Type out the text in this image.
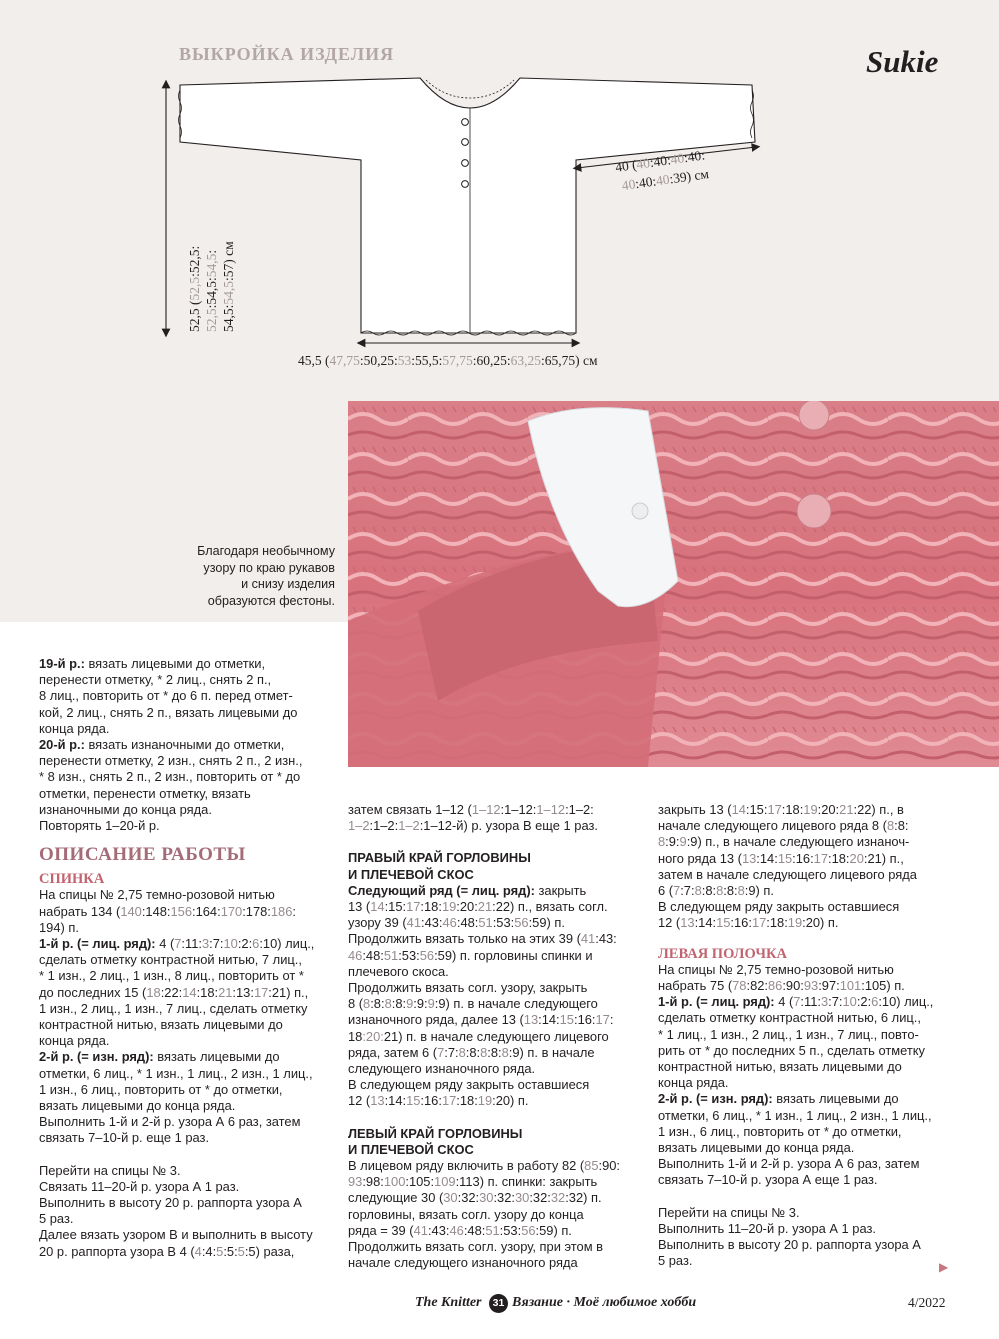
ВЫКРОЙКА ИЗДЕЛИЯ	Sukie
52,5 (52,5:52,5:
52,5:54,5:54,5:
54,5:54,5:57) см
40 (40:40:40:40:
40:40:40:39) см
45,5 (47,75:50,25:53:55,5:57,75:60,25:63,25:65,75) см
Благодаря необычному
узору по краю рукавов
и снизу изделия
образуются фестоны.

19-й р.: вязать лицевыми до отметки,

перенести отметку, * 2 лиц., снять 2 п.,

8 лиц., повторить от * до 6 п. перед отмет-

кой, 2 лиц., снять 2 п., вязать лицевыми до

конца ряда.

20-й р.: вязать изнаночными до отметки,

перенести отметку, 2 изн., снять 2 п., 2 изн.,

* 8 изн., снять 2 п., 2 изн., повторить от * до

отметки, перенести отметку, вязать

изнаночными до конца ряда.

Повторять 1–20-й р.

ОПИСАНИЕ РАБОТЫ

СПИНКА

На спицы № 2,75 темно-розовой нитью

набрать 134 (140:148:156:164:170:178:186:

194) п.

1-й р. (= лиц. ряд): 4 (7:11:3:7:10:2:6:10) лиц.,

сделать отметку контрастной нитью, 7 лиц.,

* 1 изн., 2 лиц., 1 изн., 8 лиц., повторить от *

до последних 15 (18:22:14:18:21:13:17:21) п.,

1 изн., 2 лиц., 1 изн., 7 лиц., сделать отметку

контрастной нитью, вязать лицевыми до

конца ряда.

2-й р. (= изн. ряд): вязать лицевыми до

отметки, 6 лиц., * 1 изн., 1 лиц., 2 изн., 1 лиц.,

1 изн., 6 лиц., повторить от * до отметки,

вязать лицевыми до конца ряда.

Выполнить 1-й и 2-й р. узора А 6 раз, затем

связать 7–10-й р. еще 1 раз.

Перейти на спицы № 3.

Связать 11–20-й р. узора А 1 раз.

Выполнить в высоту 20 р. раппорта узора А

5 раз.

Далее вязать узором В и выполнить в высоту

20 р. раппорта узора В 4 (4:4:5:5:5:5) раза,

затем связать 1–12 (1–12:1–12:1–12:1–2:

1–2:1–2:1–2:1–12-й) р. узора В еще 1 раз.

ПРАВЫЙ КРАЙ ГОРЛОВИНЫ

И ПЛЕЧЕВОЙ СКОС

Следующий ряд (= лиц. ряд): закрыть

13 (14:15:17:18:19:20:21:22) п., вязать согл.

узору 39 (41:43:46:48:51:53:56:59) п.

Продолжить вязать только на этих 39 (41:43:

46:48:51:53:56:59) п. горловины спинки и

плечевого скоса.

Продолжить вязать согл. узору, закрыть

8 (8:8:8:8:9:9:9:9) п. в начале следующего

изнаночного ряда, далее 13 (13:14:15:16:17:

18:20:21) п. в начале следующего лицевого

ряда, затем 6 (7:7:8:8:8:8:8:9) п. в начале

следующего изнаночного ряда.

В следующем ряду закрыть оставшиеся

12 (13:14:15:16:17:18:19:20) п.

ЛЕВЫЙ КРАЙ ГОРЛОВИНЫ

И ПЛЕЧЕВОЙ СКОС

В лицевом ряду включить в работу 82 (85:90:

93:98:100:105:109:113) п. спинки: закрыть

следующие 30 (30:32:30:32:30:32:32:32) п.

горловины, вязать согл. узору до конца

ряда = 39 (41:43:46:48:51:53:56:59) п.

Продолжить вязать согл. узору, при этом в

начале следующего изнаночного ряда

закрыть 13 (14:15:17:18:19:20:21:22) п., в

начале следующего лицевого ряда 8 (8:8:

8:9:9:9) п., в начале следующего изнаноч-

ного ряда 13 (13:14:15:16:17:18:20:21) п.,

затем в начале следующего лицевого ряда

6 (7:7:8:8:8:8:8:9) п.

В следующем ряду закрыть оставшиеся

12 (13:14:15:16:17:18:19:20) п.

ЛЕВАЯ ПОЛОЧКА

На спицы № 2,75 темно-розовой нитью

набрать 75 (78:82:86:90:93:97:101:105) п.

1-й р. (= лиц. ряд): 4 (7:11:3:7:10:2:6:10) лиц.,

сделать отметку контрастной нитью, 6 лиц.,

* 1 лиц., 1 изн., 2 лиц., 1 изн., 7 лиц., повто-

рить от * до последних 5 п., сделать отметку

контрастной нитью, вязать лицевыми до

конца ряда.

2-й р. (= изн. ряд): вязать лицевыми до

отметки, 6 лиц., * 1 изн., 1 лиц., 2 изн., 1 лиц.,

1 изн., 6 лиц., повторить от * до отметки,

вязать лицевыми до конца ряда.

Выполнить 1-й и 2-й р. узора А 6 раз, затем

связать 7–10-й р. узора А еще 1 раз.

Перейти на спицы № 3.

Выполнить 11–20-й р. узора А 1 раз.

Выполнить в высоту 20 р. раппорта узора А

5 раз.	▶
The Knitter	31 Вязание · Моё любимое хобби	4/2022
